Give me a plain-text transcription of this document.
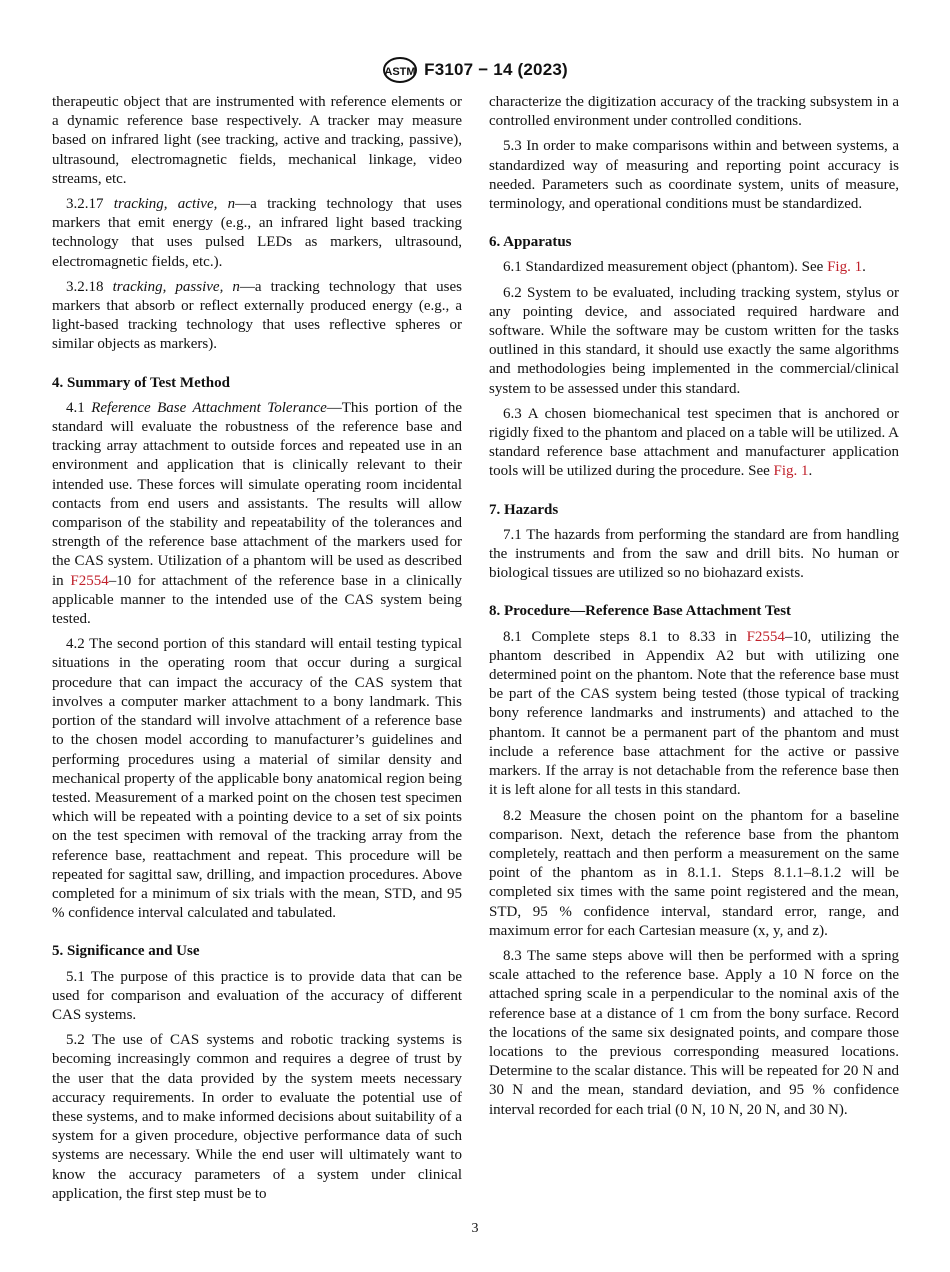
ASTM F3107 − 14 (2023)

therapeutic object that are instrumented with reference elements or a dynamic reference base respectively. A tracker may measure based on infrared light (see tracking, active and tracking, passive), ultrasound, electromagnetic fields, mechanical linkage, video streams, etc.

3.2.17 tracking, active, n—a tracking technology that uses markers that emit energy (e.g., an infrared light based tracking technology that uses pulsed LEDs as markers, ultrasound, electromagnetic fields, etc.).

3.2.18 tracking, passive, n—a tracking technology that uses markers that absorb or reflect externally produced energy (e.g., a light-based tracking technology that uses reflective spheres or similar objects as markers).

4. Summary of Test Method

4.1 Reference Base Attachment Tolerance—This portion of the standard will evaluate the robustness of the reference base and tracking array attachment to outside forces and repeated use in an environment and application that is clinically relevant to their intended use. These forces will simulate operating room incidental contacts from end users and assistants. The results will allow comparison of the stability and repeatability of the tolerances and strength of the reference base attachment of the markers used for the CAS system. Utilization of a phantom will be used as described in F2554–10 for attachment of the reference base in a clinically applicable manner to the intended use of the CAS system being tested.

4.2 The second portion of this standard will entail testing typical situations in the operating room that occur during a surgical procedure that can impact the accuracy of the CAS system that involves a computer marker attachment to a bony landmark. This portion of the standard will involve attachment of a reference base to the chosen model according to manufacturer’s guidelines and performing procedures using a material of similar density and mechanical property of the applicable bony anatomical region being tested. Measurement of a marked point on the chosen test specimen which will be repeated with a pointing device to a set of six points on the test specimen with removal of the tracking array from the reference base, reattachment and repeat. This procedure will be repeated for sagittal saw, drilling, and impaction procedures. Above completed for a minimum of six trials with the mean, STD, and 95 % confidence interval calculated and tabulated.

5. Significance and Use

5.1 The purpose of this practice is to provide data that can be used for comparison and evaluation of the accuracy of different CAS systems.

5.2 The use of CAS systems and robotic tracking systems is becoming increasingly common and requires a degree of trust by the user that the data provided by the system meets necessary accuracy requirements. In order to evaluate the potential use of these systems, and to make informed decisions about suitability of a system for a given procedure, objective performance data of such systems are necessary. While the end user will ultimately want to know the accuracy parameters of a system under clinical application, the first step must be to

characterize the digitization accuracy of the tracking subsystem in a controlled environment under controlled conditions.

5.3 In order to make comparisons within and between systems, a standardized way of measuring and reporting point accuracy is needed. Parameters such as coordinate system, units of measure, terminology, and operational conditions must be standardized.

6. Apparatus

6.1 Standardized measurement object (phantom). See Fig. 1.

6.2 System to be evaluated, including tracking system, stylus or any pointing device, and associated required hardware and software. While the software may be custom written for the tasks outlined in this standard, it should use exactly the same algorithms and methodologies being implemented in the commercial/clinical system to be assessed under this standard.

6.3 A chosen biomechanical test specimen that is anchored or rigidly fixed to the phantom and placed on a table will be utilized. A standard reference base attachment and manufacturer application tools will be utilized during the procedure. See Fig. 1.

7. Hazards

7.1 The hazards from performing the standard are from handling the instruments and from the saw and drill bits. No human or biological tissues are utilized so no biohazard exists.

8. Procedure—Reference Base Attachment Test

8.1 Complete steps 8.1 to 8.33 in F2554–10, utilizing the phantom described in Appendix A2 but with utilizing one determined point on the phantom. Note that the reference base must be part of the CAS system being tested (those typical of tracking bony reference landmarks and instruments) and attached to the phantom. It cannot be a permanent part of the phantom and must include a reference base attachment for the active or passive markers. If the array is not detachable from the reference base then it is left alone for all tests in this standard.

8.2 Measure the chosen point on the phantom for a baseline comparison. Next, detach the reference base from the phantom completely, reattach and then perform a measurement on the same point of the phantom as in 8.1.1. Steps 8.1.1–8.1.2 will be completed six times with the same point registered and the mean, STD, 95 % confidence interval, standard error, range, and maximum error for each Cartesian measure (x, y, and z).

8.3 The same steps above will then be performed with a spring scale attached to the reference base. Apply a 10 N force on the attached spring scale in a perpendicular to the nominal axis of the reference base at a distance of 1 cm from the bony surface. Record the locations of the same six designated points, and compare those locations to the previous corresponding measured locations. Determine to the scalar distance. This will be repeated for 20 N and 30 N and the mean, standard deviation, and 95 % confidence interval recorded for each trial (0 N, 10 N, 20 N, and 30 N).

3
